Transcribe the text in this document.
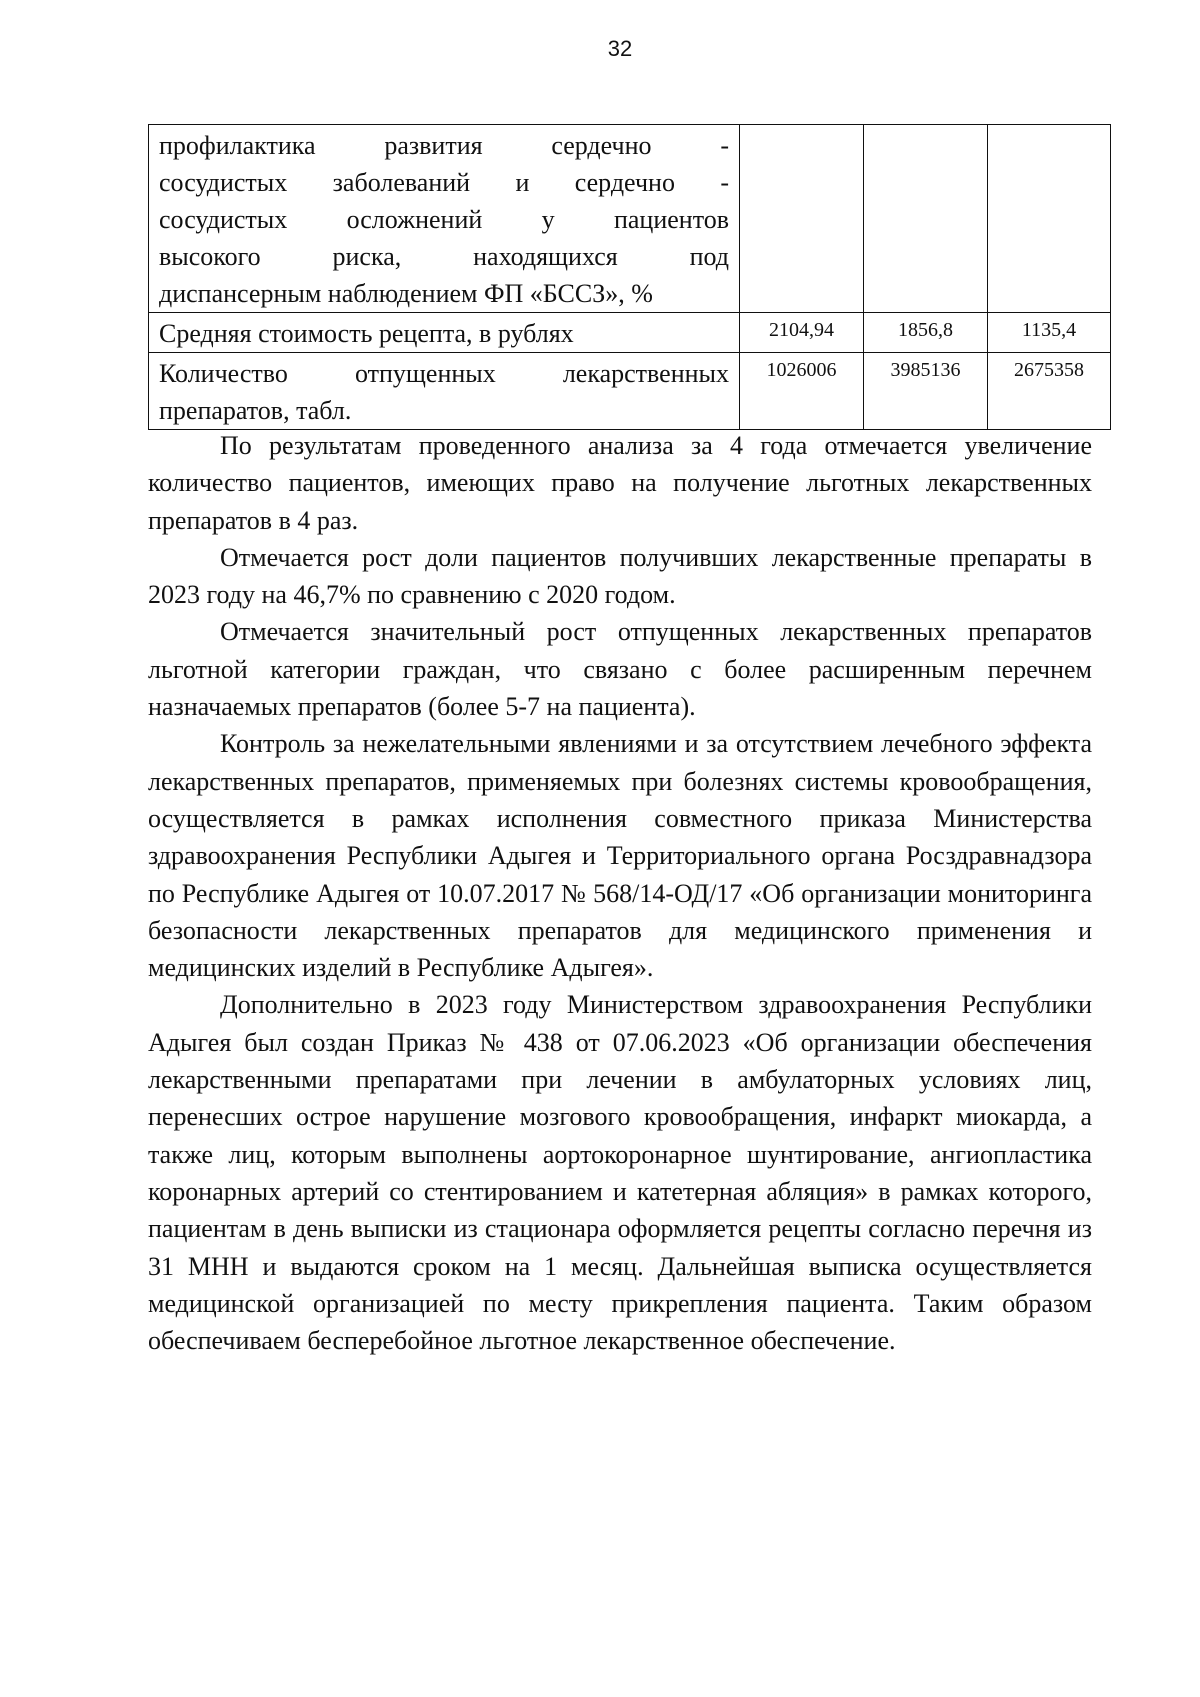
32
профилактика развития сердечно -
сосудистых заболеваний и сердечно -
сосудистых осложнений у пациентов
высокого риска, находящихся под
диспансерным наблюдением ФП «БССЗ», %			
Средняя стоимость рецепта, в рублях	2104,94	1856,8	1135,4

Количество отпущенных лекарственных
препаратов, табл.	1026006	3985136	2675358

По результатам проведенного анализа за 4 года отмечается увеличение количество пациентов, имеющих право на получение льготных лекарственных препаратов в 4 раз.

Отмечается рост доли пациентов получивших лекарственные препараты в 2023 году на 46,7% по сравнению с 2020 годом.

Отмечается значительный рост отпущенных лекарственных препаратов льготной категории граждан, что связано с более расширенным перечнем назначаемых препаратов (более 5-7 на пациента).

Контроль за нежелательными явлениями и за отсутствием лечебного эффекта лекарственных препаратов, применяемых при болезнях системы кровообращения, осуществляется в рамках исполнения совместного приказа Министерства здравоохранения Республики Адыгея и Территориального органа Росздравнадзора по Республике Адыгея от 10.07.2017 № 568/14-ОД/17 «Об организации мониторинга безопасности лекарственных препаратов для медицинского применения и медицинских изделий в Республике Адыгея».

Дополнительно в 2023 году Министерством здравоохранения Республики Адыгея был создан Приказ № 438 от 07.06.2023 «Об организации обеспечения лекарственными препаратами при лечении в амбулаторных условиях лиц, перенесших острое нарушение мозгового кровообращения, инфаркт миокарда, а также лиц, которым выполнены аортокоронарное шунтирование, ангиопластика коронарных артерий со стентированием и катетерная абляция» в рамках которого, пациентам в день выписки из стационара оформляется рецепты согласно перечня из 31 МНН и выдаются сроком на 1 месяц. Дальнейшая выписка осуществляется медицинской организацией по месту прикрепления пациента. Таким образом обеспечиваем бесперебойное льготное лекарственное обеспечение.
